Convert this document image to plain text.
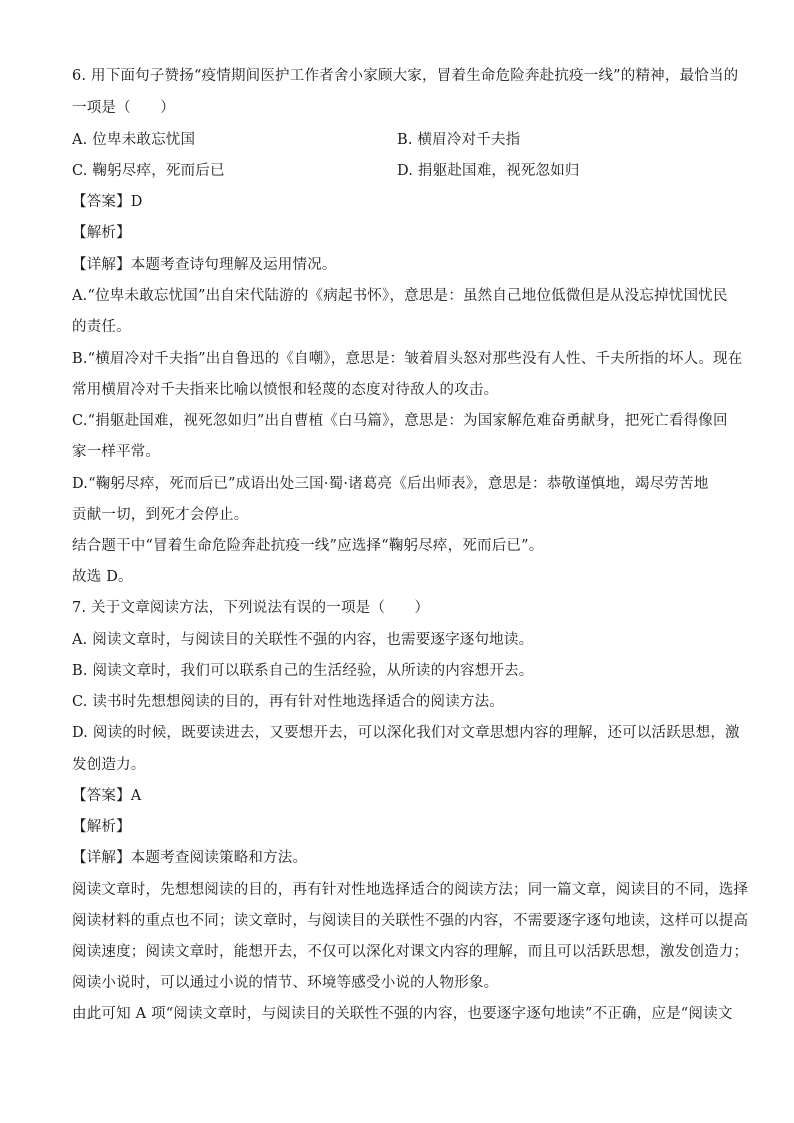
6. 用下面句子赞扬“疫情期间医护工作者舍小家顾大家，冒着生命危险奔赴抗疫一线”的精神，最恰当的
一项是（　　）
A. 位卑未敢忘忧国	B. 横眉冷对千夫指
C. 鞠躬尽瘁，死而后已	D. 捐躯赴国难，视死忽如归
【答案】D
【解析】
【详解】本题考查诗句理解及运用情况。
A.“位卑未敢忘忧国”出自宋代陆游的《病起书怀》，意思是：虽然自己地位低微但是从没忘掉忧国忧民
的责任。
B.“横眉冷对千夫指”出自鲁迅的《自嘲》，意思是：皱着眉头怒对那些没有人性、千夫所指的坏人。现在
常用横眉冷对千夫指来比喻以愤恨和轻蔑的态度对待敌人的攻击。
C.“捐躯赴国难，视死忽如归”出自曹植《白马篇》，意思是：为国家解危难奋勇献身，把死亡看得像回
家一样平常。
D.“鞠躬尽瘁，死而后已”成语出处三国·蜀·诸葛亮《后出师表》，意思是：恭敬谨慎地，竭尽劳苦地
贡献一切，到死才会停止。
结合题干中“冒着生命危险奔赴抗疫一线”应选择“鞠躬尽瘁，死而后已”。
故选 D。
7. 关于文章阅读方法，下列说法有误的一项是（　　）
A. 阅读文章时，与阅读目的关联性不强的内容，也需要逐字逐句地读。
B. 阅读文章时，我们可以联系自己的生活经验，从所读的内容想开去。
C. 读书时先想想阅读的目的，再有针对性地选择适合的阅读方法。
D. 阅读的时候，既要读进去，又要想开去，可以深化我们对文章思想内容的理解，还可以活跃思想，激
发创造力。
【答案】A
【解析】
【详解】本题考查阅读策略和方法。
阅读文章时，先想想阅读的目的，再有针对性地选择适合的阅读方法；同一篇文章，阅读目的不同，选择
阅读材料的重点也不同；读文章时，与阅读目的关联性不强的内容，不需要逐字逐句地读，这样可以提高
阅读速度；阅读文章时，能想开去，不仅可以深化对课文内容的理解，而且可以活跃思想，激发创造力；
阅读小说时，可以通过小说的情节、环境等感受小说的人物形象。
由此可知 A 项“阅读文章时，与阅读目的关联性不强的内容，也要逐字逐句地读”不正确，应是“阅读文
